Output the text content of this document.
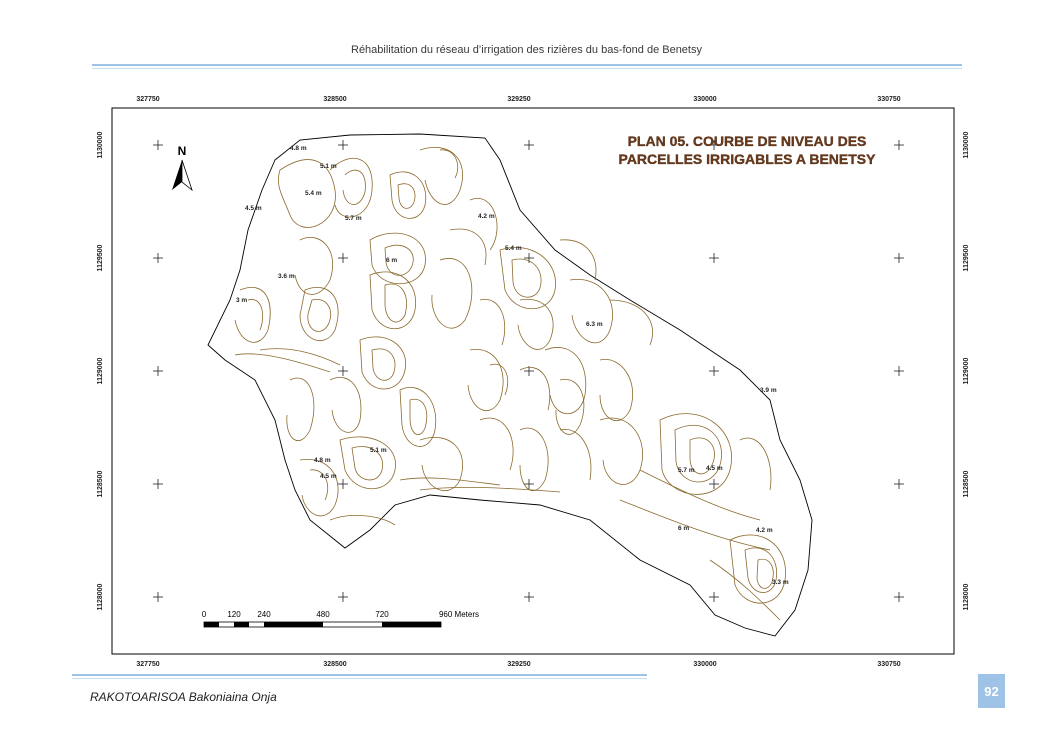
Réhabilitation du réseau d’irrigation des rizières du bas-fond de Benetsy
327750	328500	329250	330000	330750
327750	328500	329250	330000	330750
1130000
1129500
1129000
1128500
1128000
1130000
1129500
1129000
1128500
1128000
4.8 m
5.1 m
5.4 m
5.7 m
6 m
4.5 m
4.2 m
3.6 m
3.9 m
3.3 m
3 m
6.3 m
4.5 m
5.1 m
4.8 m
5.4 m
5.7 m
4.2 m
6 m
4.5 m
PLAN 05. COURBE DE NIVEAU DES
PARCELLES IRRIGABLES A BENETSY
N
0	120 240	480	720	960 Meters
RAKOTOARISOA Bakoniaina Onja	92
